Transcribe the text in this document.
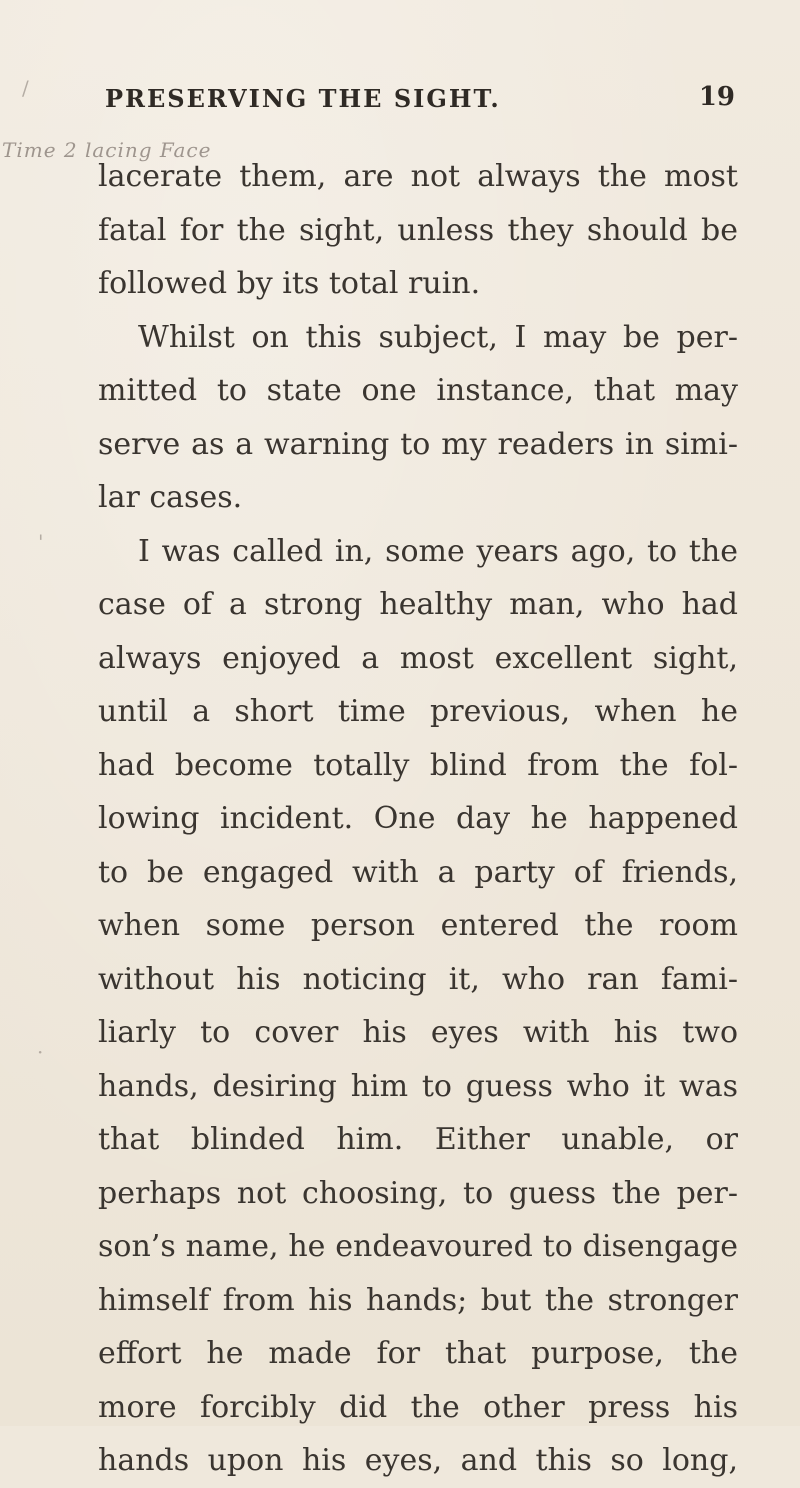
/
Time 2 lacing Face
PRESERVING THE SIGHT.	19
'
·
lacerate them, are not always the most
fatal for the sight, unless they should be
followed by its total ruin.
Whilst on this subject, I may be per-
mitted to state one instance, that may
serve as a warning to my readers in simi-
lar cases.
I was called in, some years ago, to the
case of a strong healthy man, who had
always enjoyed a most excellent sight,
until a short time previous, when he
had become totally blind from the fol-
lowing incident. One day he happened
to be engaged with a party of friends,
when some person entered the room
without his noticing it, who ran fami-
liarly to cover his eyes with his two
hands, desiring him to guess who it was
that blinded him. Either unable, or
perhaps not choosing, to guess the per-
son’s name, he endeavoured to disengage
himself from his hands; but the stronger
effort he made for that purpose, the
more forcibly did the other press his
hands upon his eyes, and this so long,
